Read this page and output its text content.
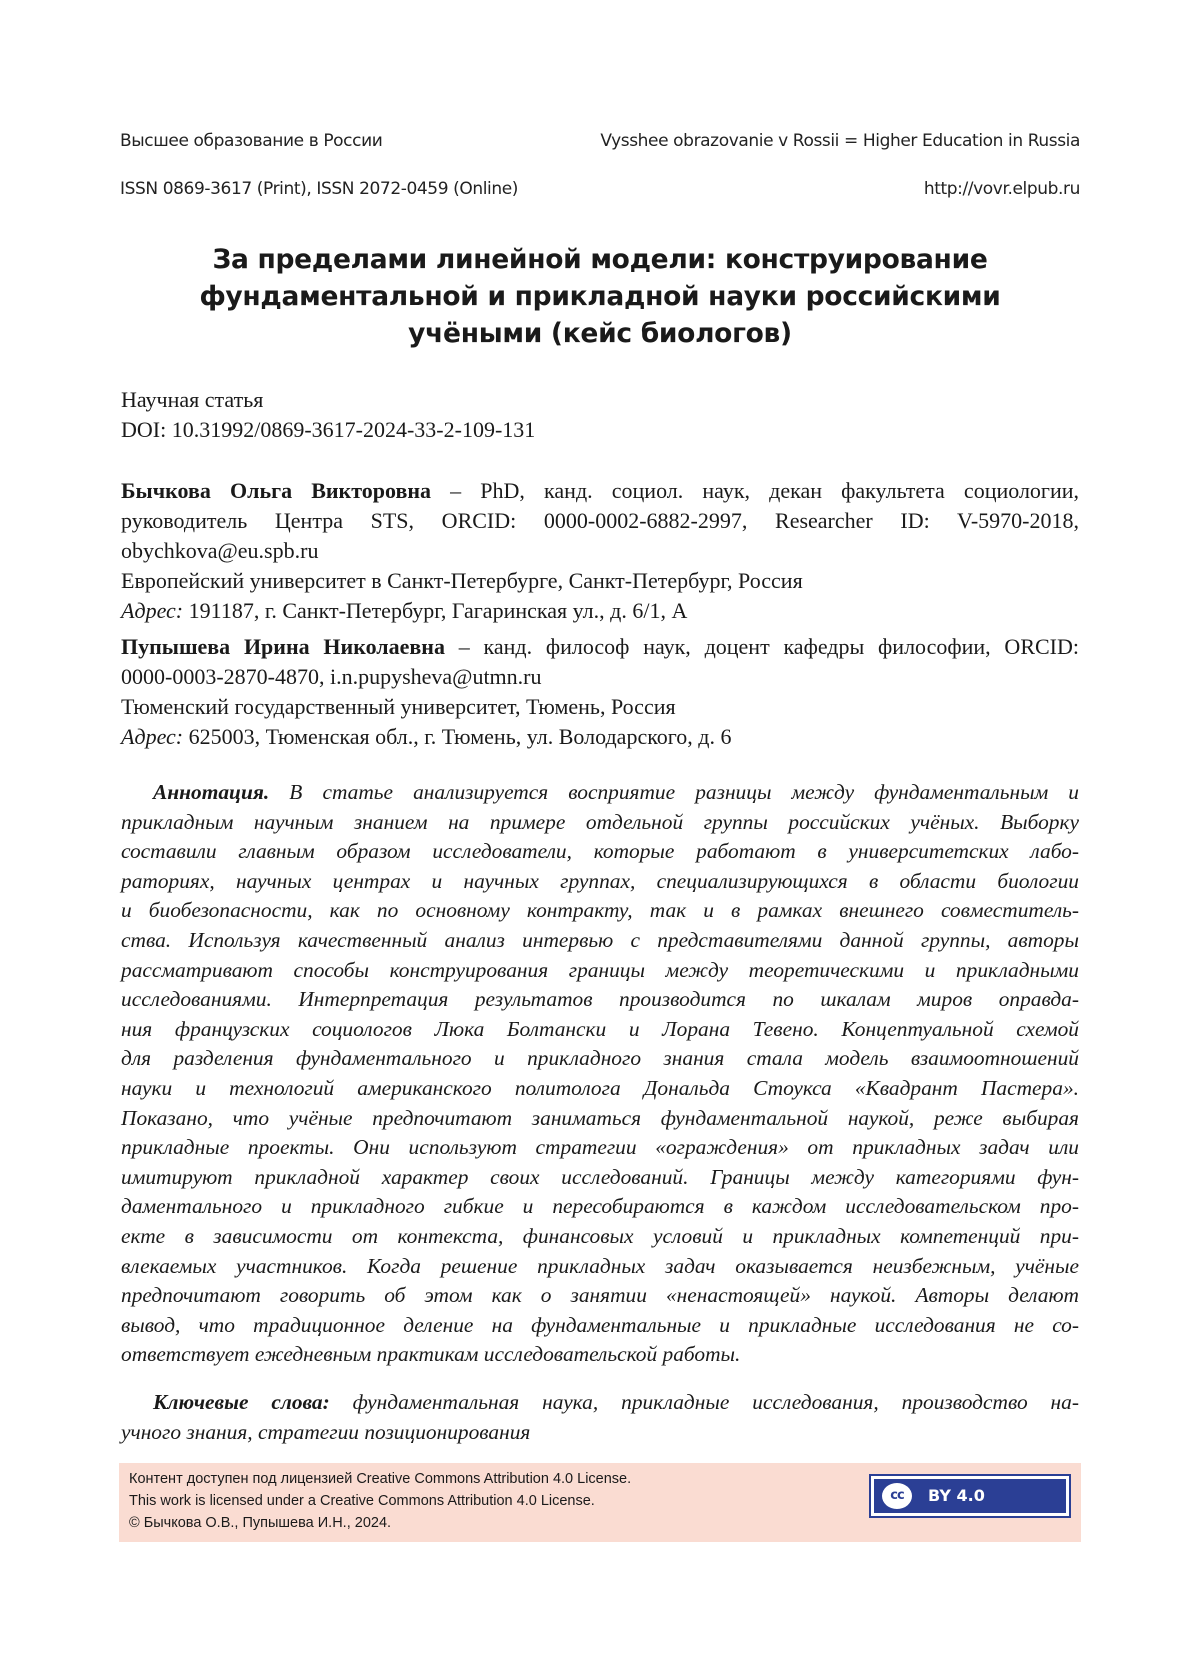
Высшее образование в России	Vysshee obrazovanie v Rossii = Higher Education in Russia
ISSN 0869-3617 (Print), ISSN 2072-0459 (Online)	http://vovr.elpub.ru
За пределами линейной модели: конструирование
фундаментальной и прикладной науки российскими
учёными (кейс биологов)
Научная статья
DOI: 10.31992/0869-3617-2024-33-2-109-131
Бычкова Ольга Викторовна – PhD, канд. социол. наук, декан факультета социологии,
руководитель Центра STS, ORCID: 0000-0002-6882-2997, Researcher ID: V-5970-2018,
obychkova@eu.spb.ru
Европейский университет в Санкт-Петербурге, Санкт-Петербург, Россия
Адрес: 191187, г. Санкт-Петербург, Гагаринская ул., д. 6/1, А
Пупышева Ирина Николаевна – канд. философ наук, доцент кафедры философии, ORCID:
0000-0003-2870-4870, i.n.pupysheva@utmn.ru
Тюменский государственный университет, Тюмень, Россия
Адрес: 625003, Тюменская обл., г. Тюмень, ул. Володарского, д. 6
Аннотация. В статье анализируется восприятие разницы между фундаментальным и
прикладным научным знанием на примере отдельной группы российских учёных. Выборку
составили главным образом исследователи, которые работают в университетских лабо-
раториях, научных центрах и научных группах, специализирующихся в области биологии
и биобезопасности, как по основному контракту, так и в рамках внешнего совместитель-
ства. Используя качественный анализ интервью с представителями данной группы, авторы
рассматривают способы конструирования границы между теоретическими и прикладными
исследованиями. Интерпретация результатов производится по шкалам миров оправда-
ния французских социологов Люка Болтански и Лорана Тевено. Концептуальной схемой
для разделения фундаментального и прикладного знания стала модель взаимоотношений
науки и технологий американского политолога Дональда Стоукса «Квадрант Пастера».
Показано, что учёные предпочитают заниматься фундаментальной наукой, реже выбирая
прикладные проекты. Они используют стратегии «ограждения» от прикладных задач или
имитируют прикладной характер своих исследований. Границы между категориями фун-
даментального и прикладного гибкие и пересобираются в каждом исследовательском про-
екте в зависимости от контекста, финансовых условий и прикладных компетенций при-
влекаемых участников. Когда решение прикладных задач оказывается неизбежным, учёные
предпочитают говорить об этом как о занятии «ненастоящей» наукой. Авторы делают
вывод, что традиционное деление на фундаментальные и прикладные исследования не со-
ответствует ежедневным практикам исследовательской работы.
Ключевые слова: фундаментальная наука, прикладные исследования, производство на-
учного знания, стратегии позиционирования
Контент доступен под лицензией Creative Commons Attribution 4.0 License.
This work is licensed under a Creative Commons Attribution 4.0 License.
© Бычкова О.В., Пупышева И.Н., 2024.
cc	BY 4.0
